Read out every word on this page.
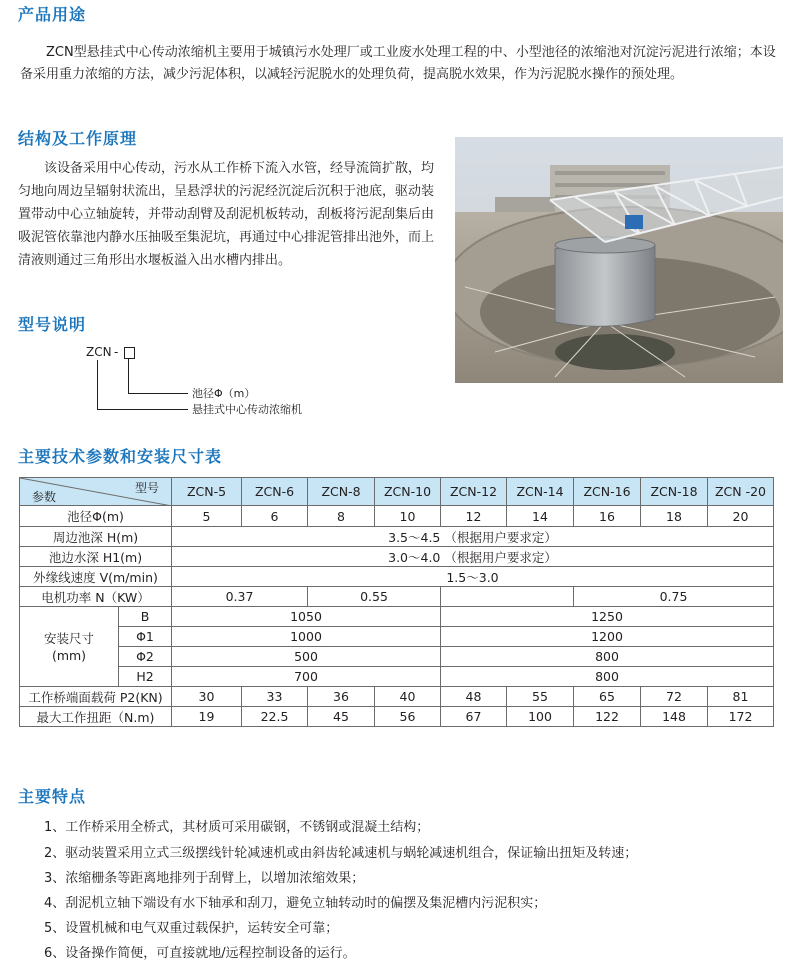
产品用途
ZCN型悬挂式中心传动浓缩机主要用于城镇污水处理厂或工业废水处理工程的中、小型池径的浓缩池对沉淀污泥进行浓缩；本设备采用重力浓缩的方法，减少污泥体积，以减轻污泥脱水的处理负荷，提高脱水效果，作为污泥脱水操作的预处理。
结构及工作原理
该设备采用中心传动，污水从工作桥下流入水管，经导流筒扩散，均匀地向周边呈辐射状流出，呈悬浮状的污泥经沉淀后沉积于池底，驱动装置带动中心立轴旋转，并带动刮臂及刮泥机板转动，刮板将污泥刮集后由吸泥管依靠池内静水压抽吸至集泥坑，再通过中心排泥管排出池外，而上清液则通过三角形出水堰板溢入出水槽内排出。
型号说明
ZCN -
池径Φ（m）
悬挂式中心传动浓缩机
主要技术参数和安装尺寸表
型号
参数		ZCN-5	ZCN-6	ZCN-8	ZCN-10	ZCN-12	ZCN-14	ZCN-16	ZCN-18	ZCN -20
池径Φ(m)		5	6	8	10	12	14	16	18	20
周边池深 H(m)		3.5～4.5 （根据用户要求定）								
池边水深 H1(m)		3.0～4.0 （根据用户要求定）								
外缘线速度 V(m/min)		1.5～3.0								
电机功率 N（KW）		0.37		0.55				0.75		
安装尺寸
(mm)	B	1050				1250				
	Φ1	1000				1200				
	Φ2	500				800				
	H2	700				800				
工作桥端面载荷 P2(KN)		30	33	36	40	48	55	65	72	81
最大工作扭距（N.m)		19	22.5	45	56	67	100	122	148	172
主要特点
1、工作桥采用全桥式，其材质可采用碳钢，不锈钢或混凝土结构；
2、驱动装置采用立式三级摆线针轮减速机或由斜齿轮减速机与蜗轮减速机组合，保证输出扭矩及转速；
3、浓缩栅条等距离地排列于刮臂上，以增加浓缩效果；
4、刮泥机立轴下端设有水下轴承和刮刀，避免立轴转动时的偏摆及集泥槽内污泥积实；
5、设置机械和电气双重过载保护，运转安全可靠；
6、设备操作简便，可直接就地/远程控制设备的运行。
